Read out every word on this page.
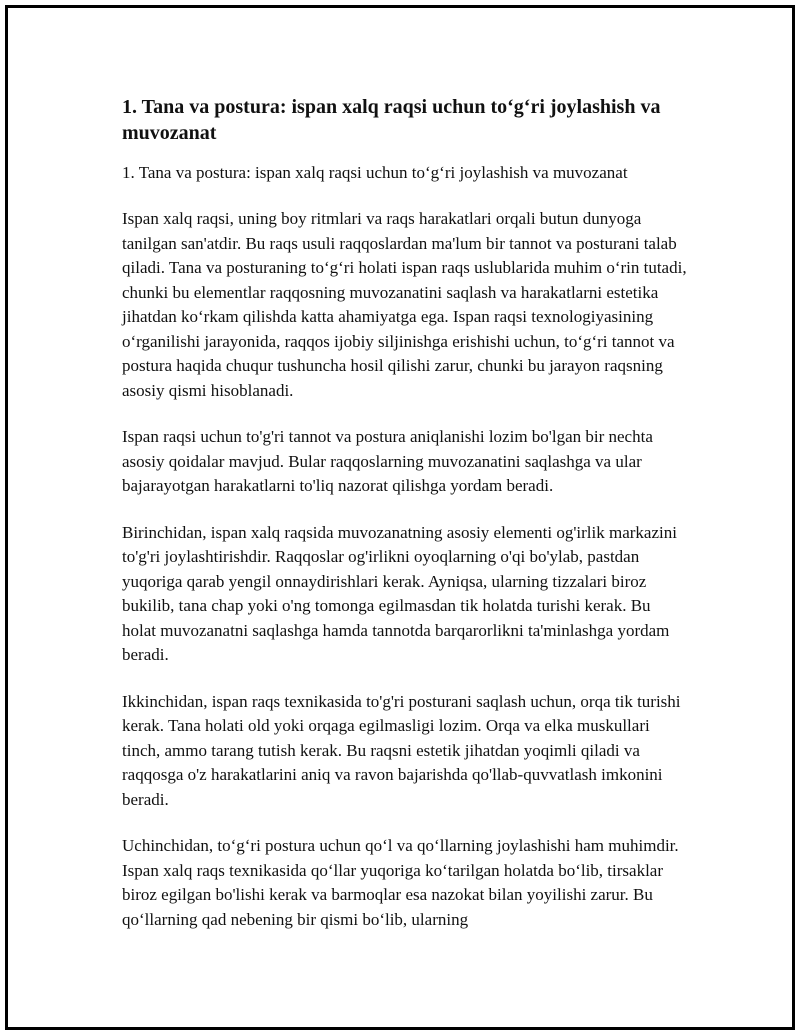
1. Tana va postura: ispan xalq raqsi uchun to‘g‘ri joylashish va muvozanat

1. Tana va postura: ispan xalq raqsi uchun to‘g‘ri joylashish va muvozanat

Ispan xalq raqsi, uning boy ritmlari va raqs harakatlari orqali butun dunyoga tanilgan san'atdir. Bu raqs usuli raqqoslardan ma'lum bir tannot va posturani talab qiladi. Tana va posturaning to‘g‘ri holati ispan raqs uslublarida muhim o‘rin tutadi, chunki bu elementlar raqqosning muvozanatini saqlash va harakatlarni estetika jihatdan ko‘rkam qilishda katta ahamiyatga ega. Ispan raqsi texnologiyasining o‘rganilishi jarayonida, raqqos ijobiy siljinishga erishishi uchun, to‘g‘ri tannot va postura haqida chuqur tushuncha hosil qilishi zarur, chunki bu jarayon raqsning asosiy qismi hisoblanadi.

Ispan raqsi uchun to'g'ri tannot va postura aniqlanishi lozim bo'lgan bir nechta asosiy qoidalar mavjud. Bular raqqoslarning muvozanatini saqlashga va ular bajarayotgan harakatlarni to'liq nazorat qilishga yordam beradi.

Birinchidan, ispan xalq raqsida muvozanatning asosiy elementi og'irlik markazini to'g'ri joylashtirishdir. Raqqoslar og'irlikni oyoqlarning o'qi bo'ylab, pastdan yuqoriga qarab yengil onnaydirishlari kerak. Ayniqsa, ularning tizzalari biroz bukilib, tana chap yoki o'ng tomonga egilmasdan tik holatda turishi kerak. Bu holat muvozanatni saqlashga hamda tannotda barqarorlikni ta'minlashga yordam beradi.

Ikkinchidan, ispan raqs texnikasida to'g'ri posturani saqlash uchun, orqa tik turishi kerak. Tana holati old yoki orqaga egilmasligi lozim. Orqa va elka muskullari tinch, ammo tarang tutish kerak. Bu raqsni estetik jihatdan yoqimli qiladi va raqqosga o'z harakatlarini aniq va ravon bajarishda qo'llab-quvvatlash imkonini beradi.

Uchinchidan, to‘g‘ri postura uchun qo‘l va qo‘llarning joylashishi ham muhimdir. Ispan xalq raqs texnikasida qo‘llar yuqoriga ko‘tarilgan holatda bo‘lib, tirsaklar biroz egilgan bo'lishi kerak va barmoqlar esa nazokat bilan yoyilishi zarur. Bu qo‘llarning qad nebening bir qismi bo‘lib, ularning
